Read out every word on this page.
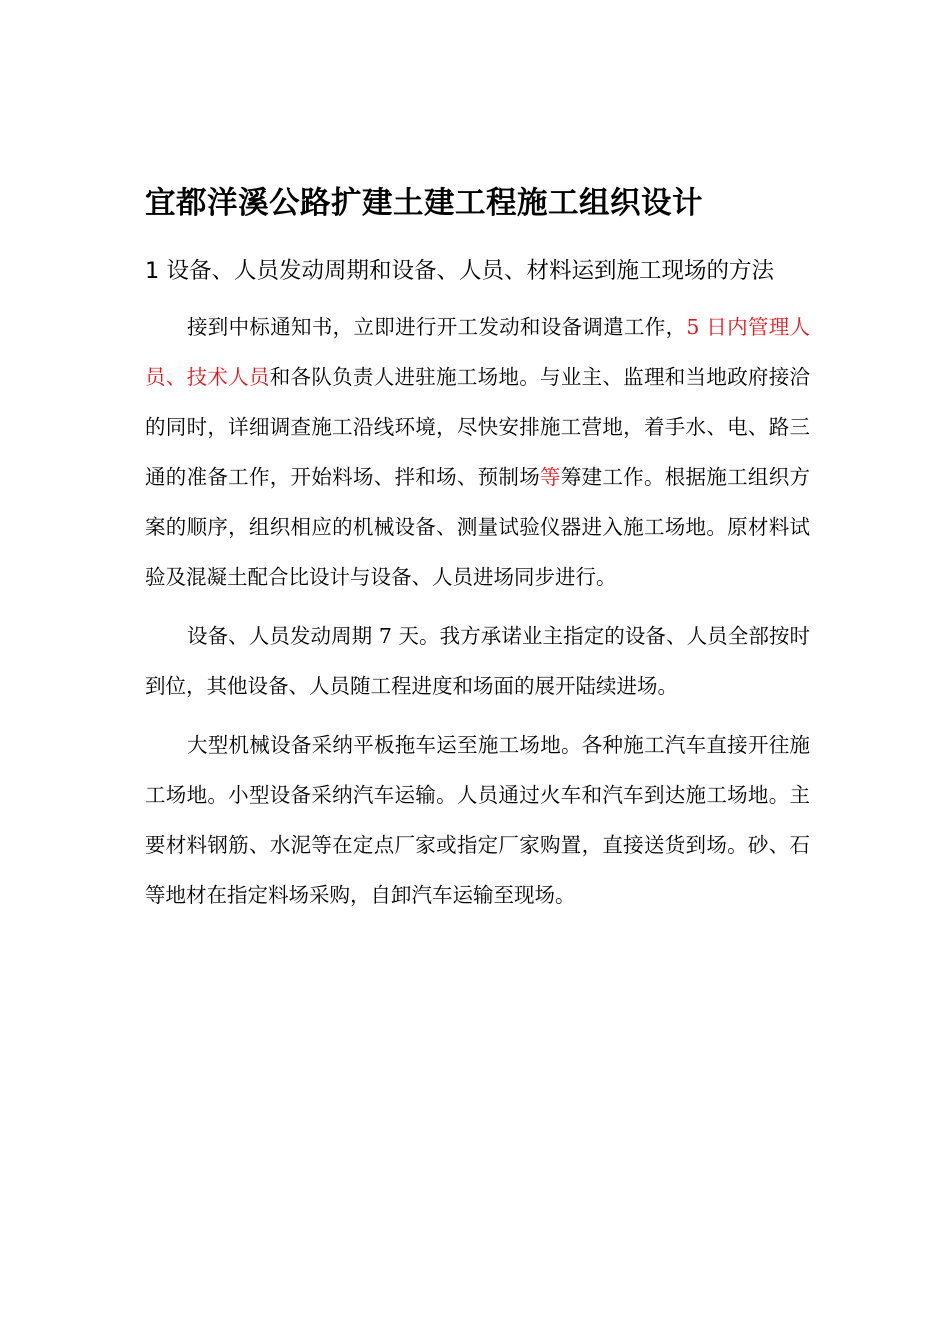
宜都洋溪公路扩建土建工程施工组织设计
1 设备、人员发动周期和设备、人员、材料运到施工现场的方法

接到中标通知书，立即进行开工发动和设备调遣工作，5 日内管理人员、技术人员和各队负责人进驻施工场地。与业主、监理和当地政府接洽的同时，详细调查施工沿线环境，尽快安排施工营地，着手水、电、路三通的准备工作，开始料场、拌和场、预制场等筹建工作。根据施工组织方案的顺序，组织相应的机械设备、测量试验仪器进入施工场地。原材料试验及混凝土配合比设计与设备、人员进场同步进行。

设备、人员发动周期 7 天。我方承诺业主指定的设备、人员全部按时到位，其他设备、人员随工程进度和场面的展开陆续进场。

大型机械设备采纳平板拖车运至施工场地。各种施工汽车直接开往施工场地。小型设备采纳汽车运输。人员通过火车和汽车到达施工场地。主要材料钢筋、水泥等在定点厂家或指定厂家购置，直接送货到场。砂、石等地材在指定料场采购，自卸汽车运输至现场。
